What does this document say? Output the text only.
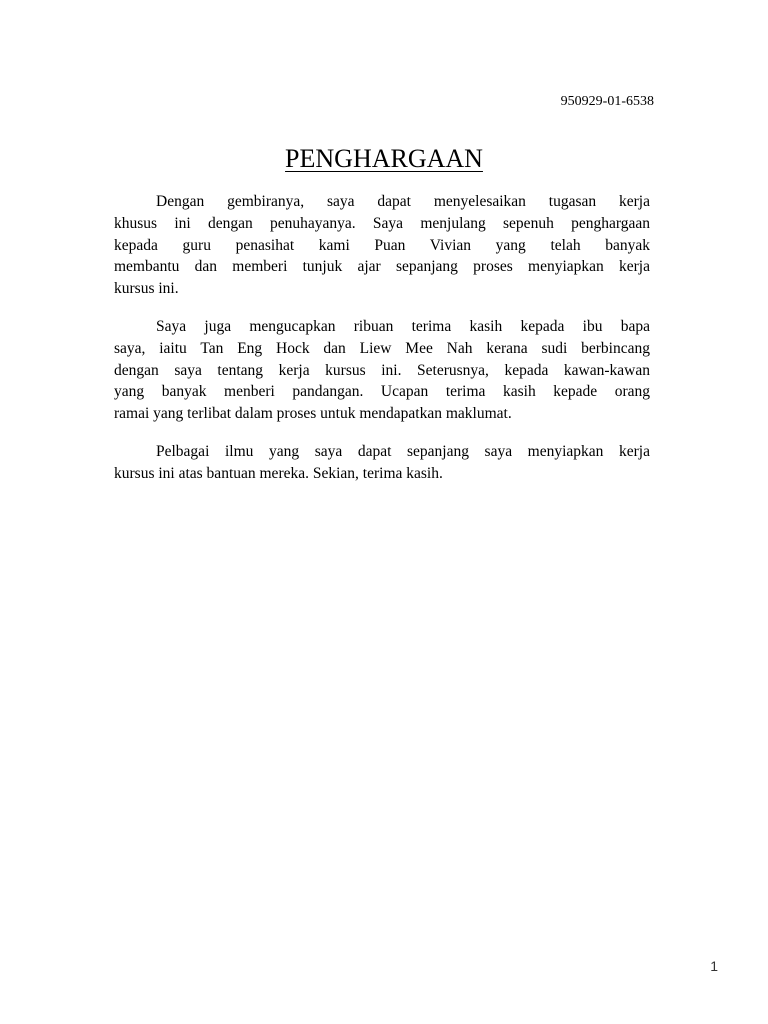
950929-01-6538
PENGHARGAAN
Dengan gembiranya, saya dapat menyelesaikan tugasan kerja
khusus ini dengan penuhayanya. Saya menjulang sepenuh penghargaan
kepada guru penasihat kami Puan Vivian yang telah banyak
membantu dan memberi tunjuk ajar sepanjang proses menyiapkan kerja
kursus ini.
Saya juga mengucapkan ribuan terima kasih kepada ibu bapa
saya, iaitu Tan Eng Hock dan Liew Mee Nah kerana sudi berbincang
dengan saya tentang kerja kursus ini. Seterusnya, kepada kawan-kawan
yang banyak menberi pandangan. Ucapan terima kasih kepade orang
ramai yang terlibat dalam proses untuk mendapatkan maklumat.
Pelbagai ilmu yang saya dapat sepanjang saya menyiapkan kerja
kursus ini atas bantuan mereka. Sekian, terima kasih.
1
